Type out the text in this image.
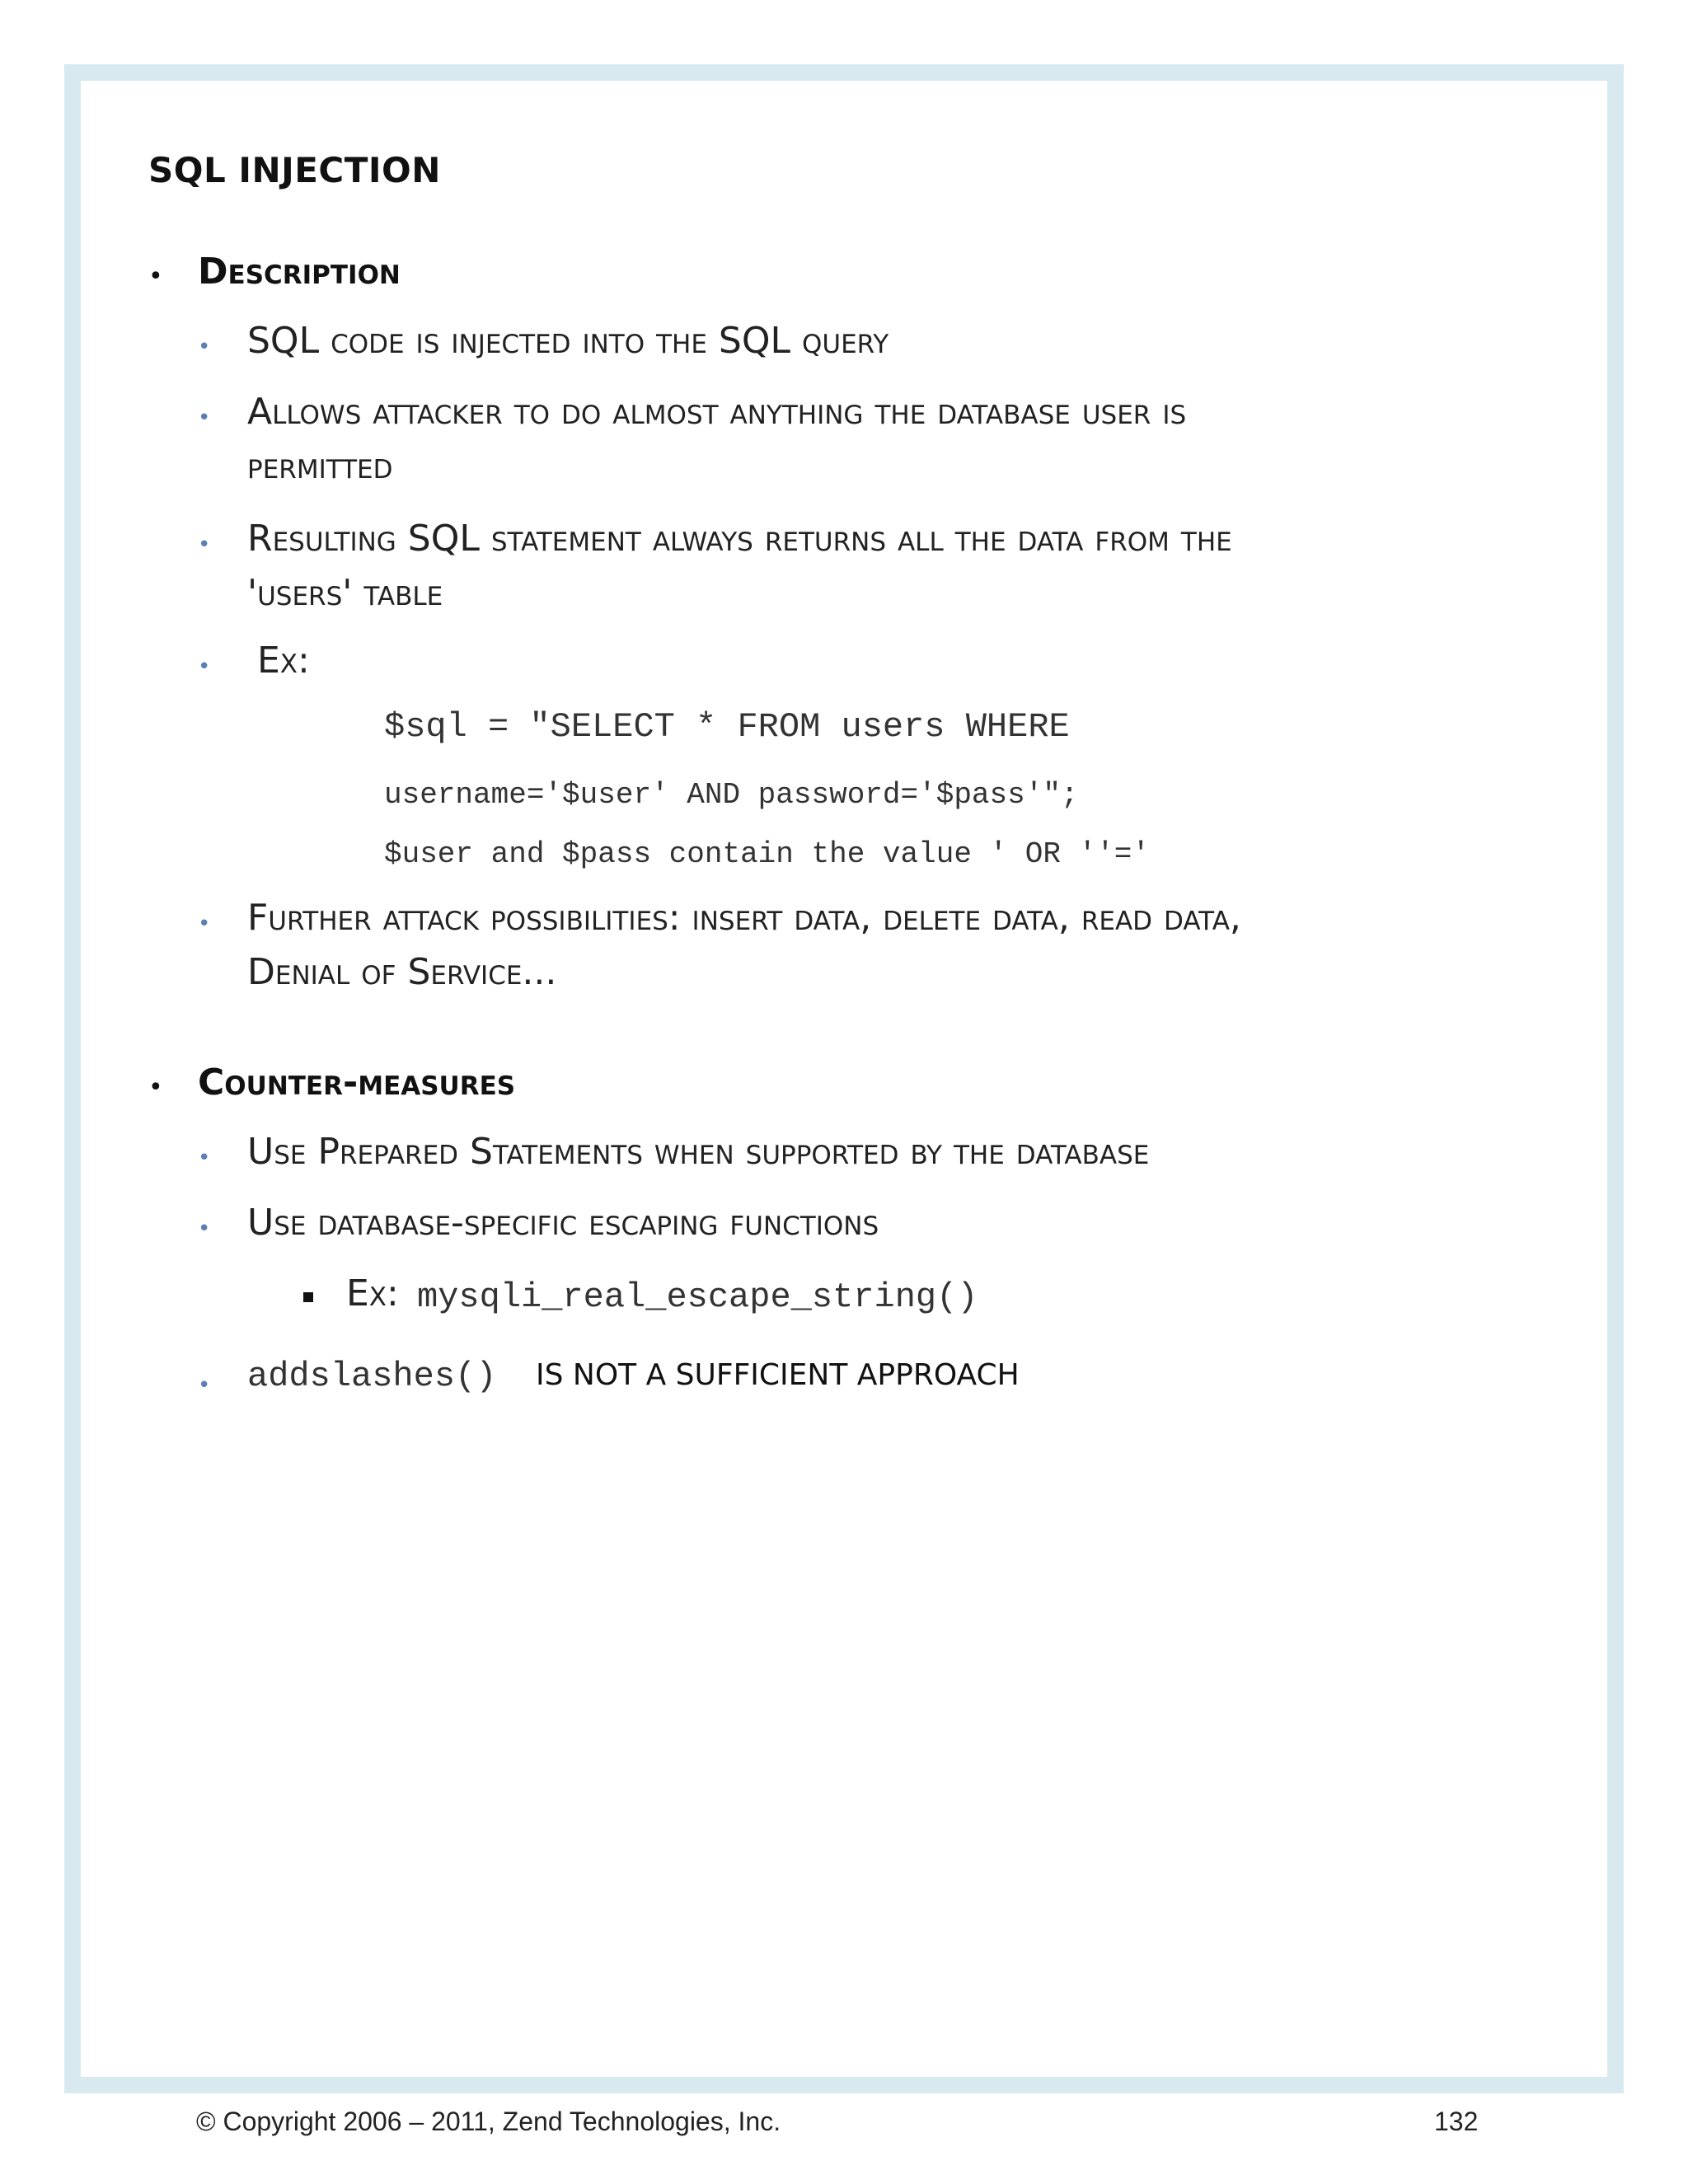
SQL INJECTION
• Description
• SQL code is injected into the SQL query
• Allows attacker to do almost anything the database user is
permitted
• Resulting SQL statement always returns all the data from the
'users' table
• Ex:
$sql = "SELECT * FROM users WHERE
username='$user' AND password='$pass'";
$user and $pass contain the value ' OR ''='
• Further attack possibilities: insert data, delete data, read data,
Denial of Service...
• Counter-measures
• Use Prepared Statements when supported by the database
• Use database-specific escaping functions
Ex: mysqli_real_escape_string()
• addslashes() IS NOT A SUFFICIENT APPROACH
© Copyright 2006 – 2011, Zend Technologies, Inc.	132
